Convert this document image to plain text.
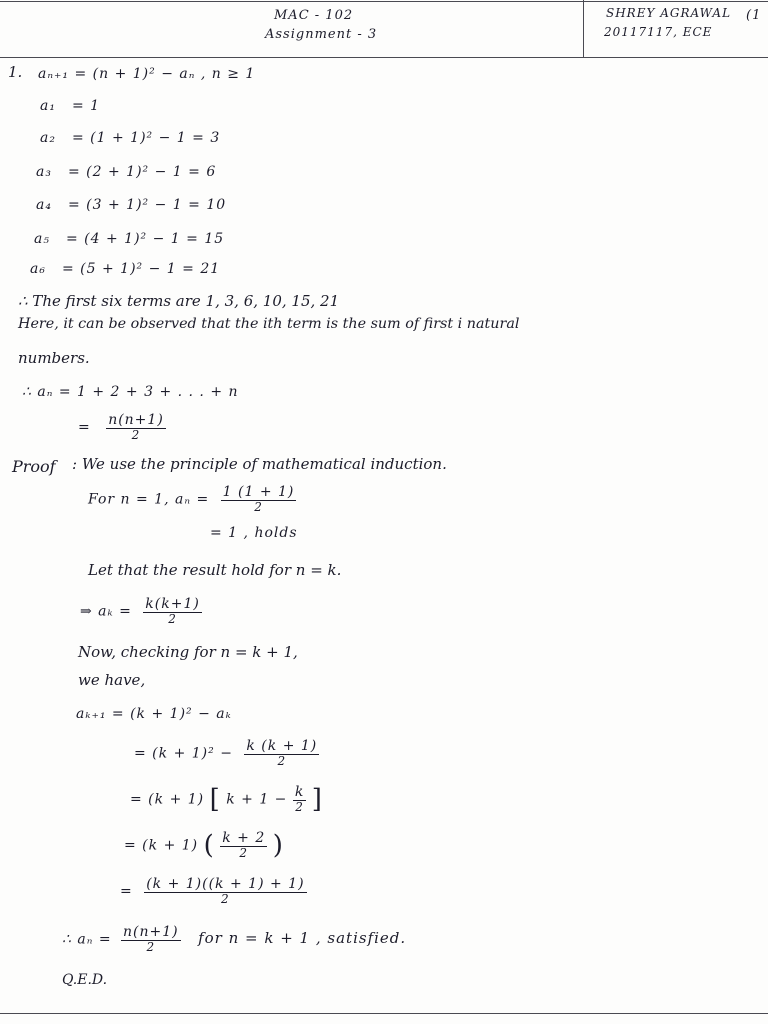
MAC - 102
Assignment - 3
SHREY AGRAWAL (1
20117117, ECE
1. aₙ₊₁ = (n + 1)² − aₙ , n ≥ 1
a₁ = 1
a₂ = (1 + 1)² − 1 = 3
a₃ = (2 + 1)² − 1 = 6
a₄ = (3 + 1)² − 1 = 10
a₅ = (4 + 1)² − 1 = 15
a₆ = (5 + 1)² − 1 = 21
∴ The first six terms are 1, 3, 6, 10, 15, 21
Here, it can be observed that the ith term is the sum of first i natural
numbers.
∴ aₙ = 1 + 2 + 3 + . . . + n
= $\frac{n(n+1)}{2}$
Proof : We use the principle of mathematical induction.
For n = 1, $a_n = \frac{1 (1 + 1)}{2}$
= 1 , holds
Let that the result hold for n = k.
⇒ $a_k = \frac{k(k+1)}{2}$
Now, checking for n = k + 1,
we have,
aₖ₊₁ = (k + 1)² − aₖ
= $(k + 1)^2 - \frac{k (k + 1)}{2}$
= (k + 1) [ $k + 1 - \frac{k}{2}$ ]
= (k + 1) ( $\frac{k + 2}{2}$ )
= $\frac{(k + 1)((k + 1) + 1)}{2}$
∴ $a_n = \frac{n(n+1)}{2}$ for n = k + 1 , satisfied.
Q.E.D.
